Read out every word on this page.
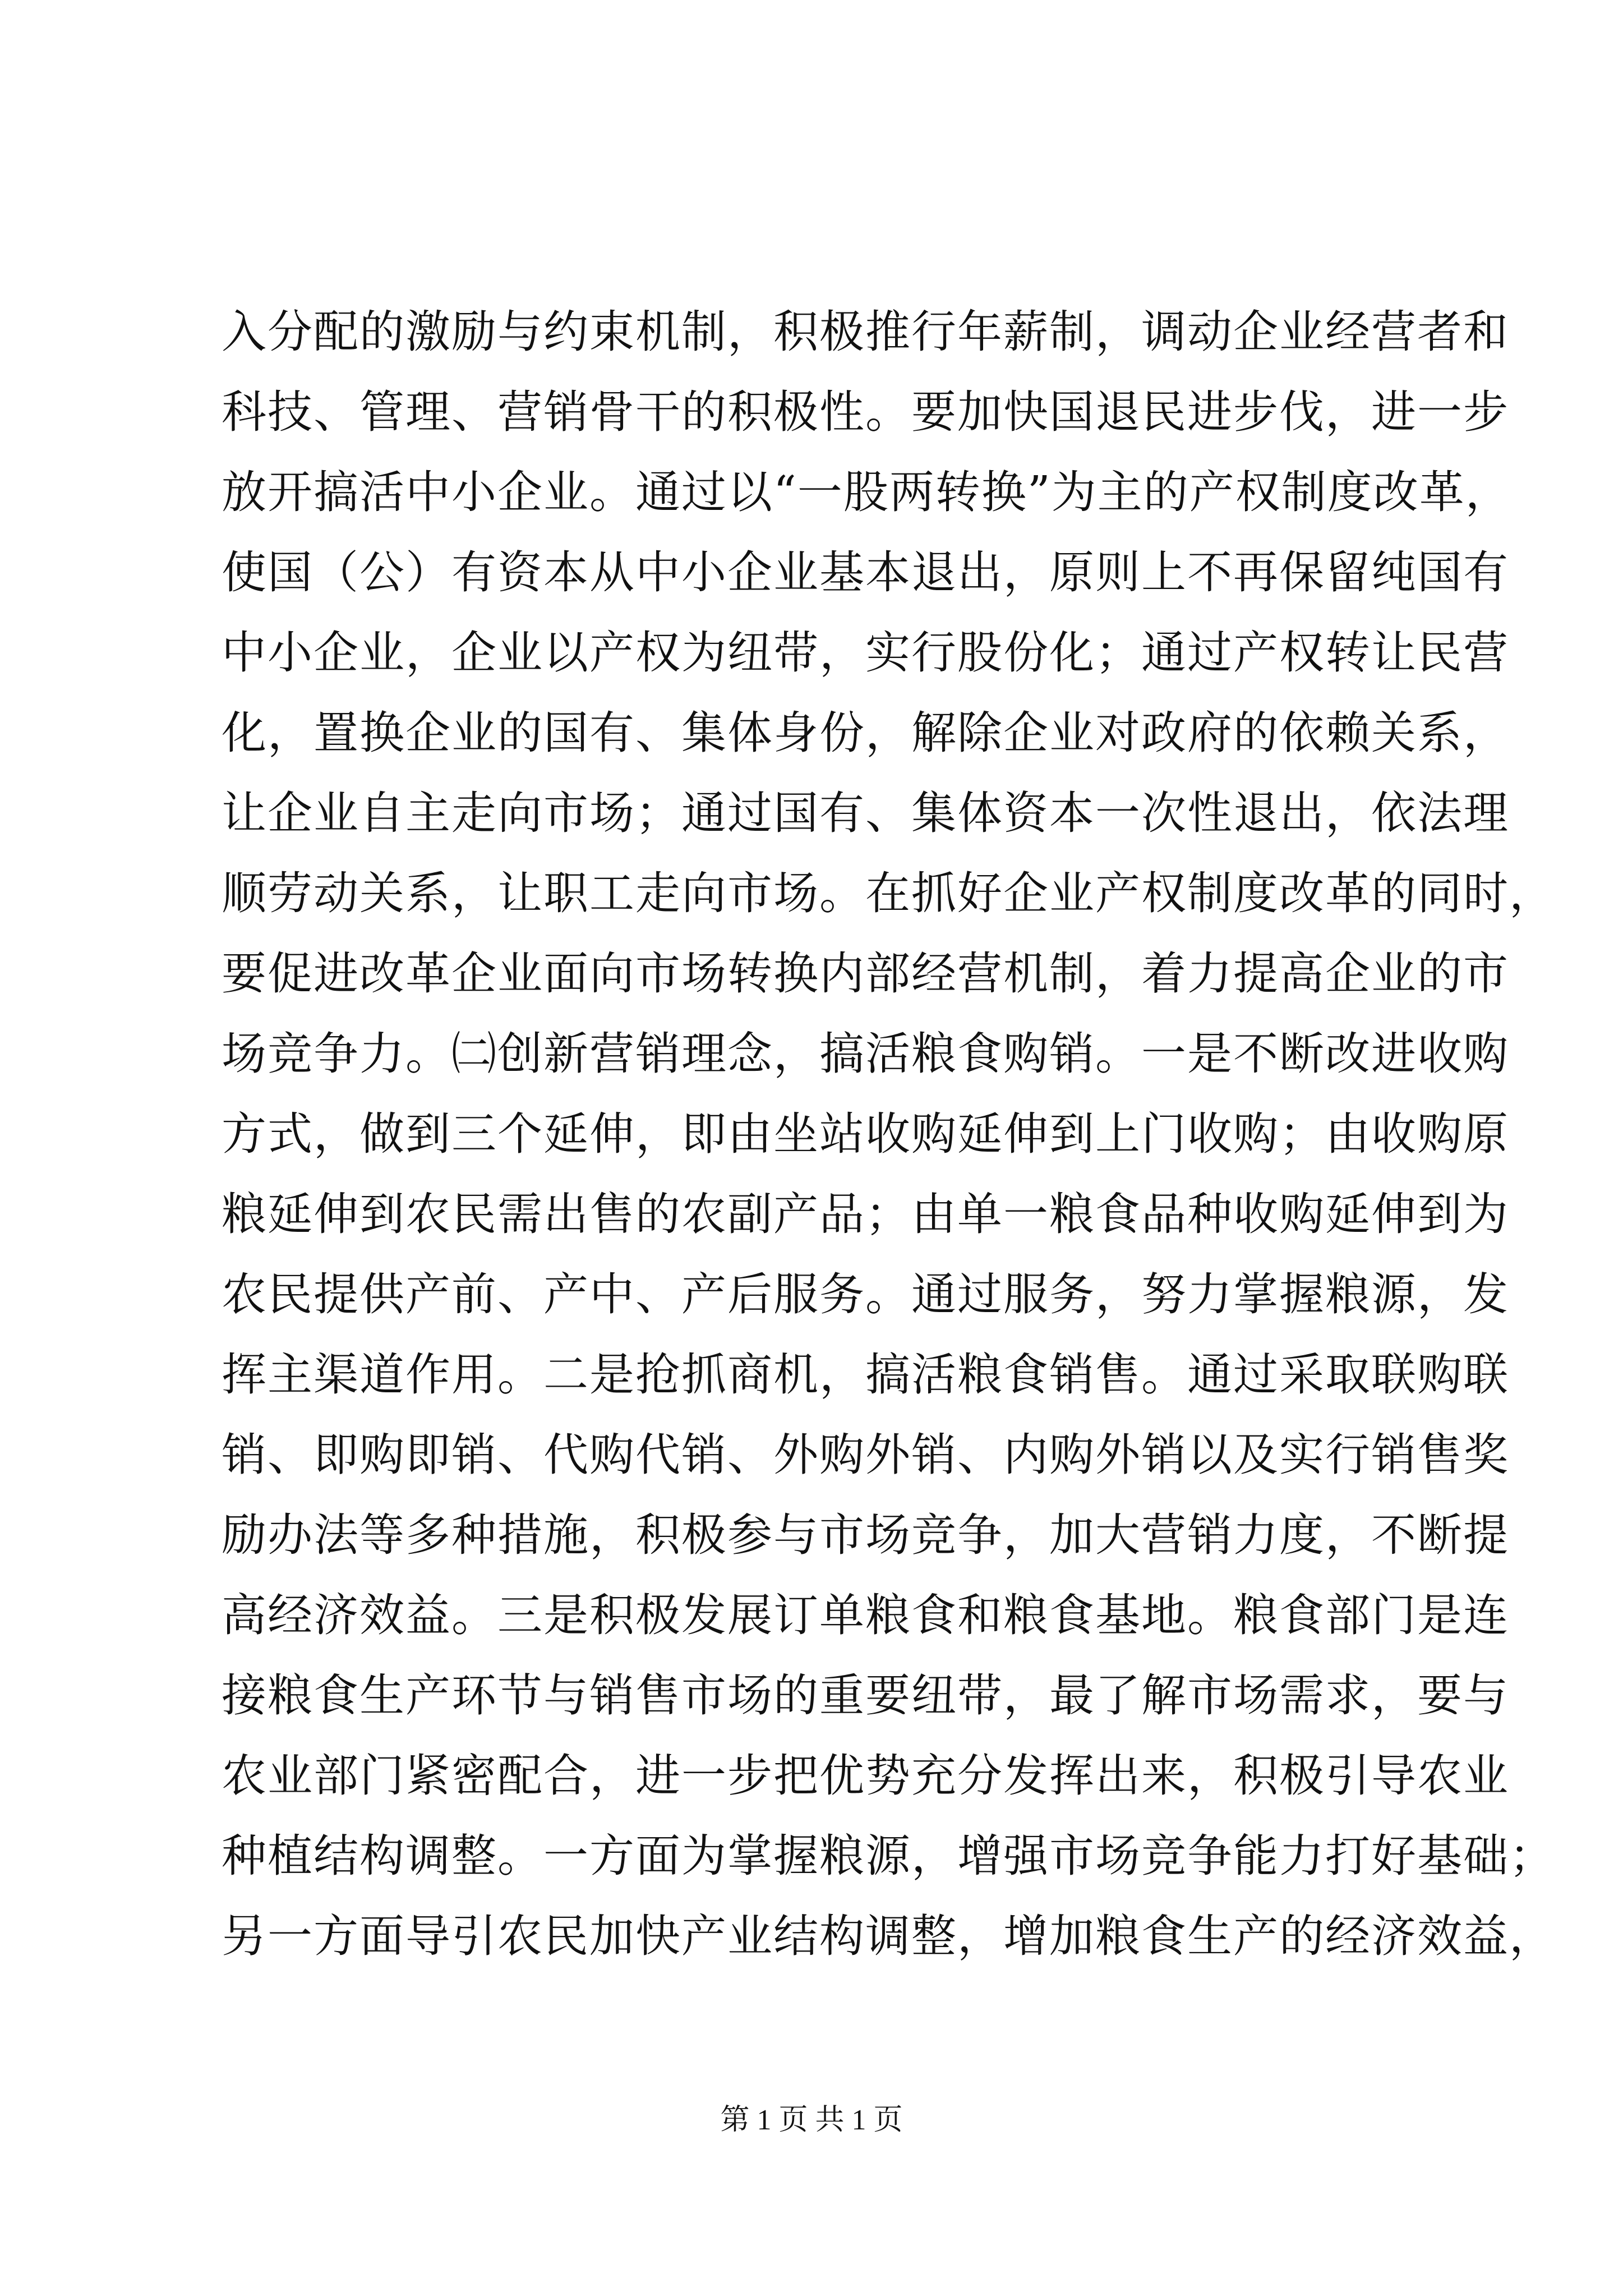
入分配的激励与约束机制，积极推行年薪制，调动企业经营者和
科技、管理、营销骨干的积极性。要加快国退民进步伐，进一步
放开搞活中小企业。通过以“一股两转换”为主的产权制度改革，
使国（公）有资本从中小企业基本退出，原则上不再保留纯国有
中小企业，企业以产权为纽带，实行股份化；通过产权转让民营
化，置换企业的国有、集体身份，解除企业对政府的依赖关系，
让企业自主走向市场；通过国有、集体资本一次性退出，依法理
顺劳动关系，让职工走向市场。在抓好企业产权制度改革的同时，
要促进改革企业面向市场转换内部经营机制，着力提高企业的市
场竞争力。㈡创新营销理念，搞活粮食购销。一是不断改进收购
方式，做到三个延伸，即由坐站收购延伸到上门收购；由收购原
粮延伸到农民需出售的农副产品；由单一粮食品种收购延伸到为
农民提供产前、产中、产后服务。通过服务，努力掌握粮源，发
挥主渠道作用。二是抢抓商机，搞活粮食销售。通过采取联购联
销、即购即销、代购代销、外购外销、内购外销以及实行销售奖
励办法等多种措施，积极参与市场竞争，加大营销力度，不断提
高经济效益。三是积极发展订单粮食和粮食基地。粮食部门是连
接粮食生产环节与销售市场的重要纽带，最了解市场需求，要与
农业部门紧密配合，进一步把优势充分发挥出来，积极引导农业
种植结构调整。一方面为掌握粮源，增强市场竞争能力打好基础；
另一方面导引农民加快产业结构调整，增加粮食生产的经济效益，
第 1 页 共 1 页
